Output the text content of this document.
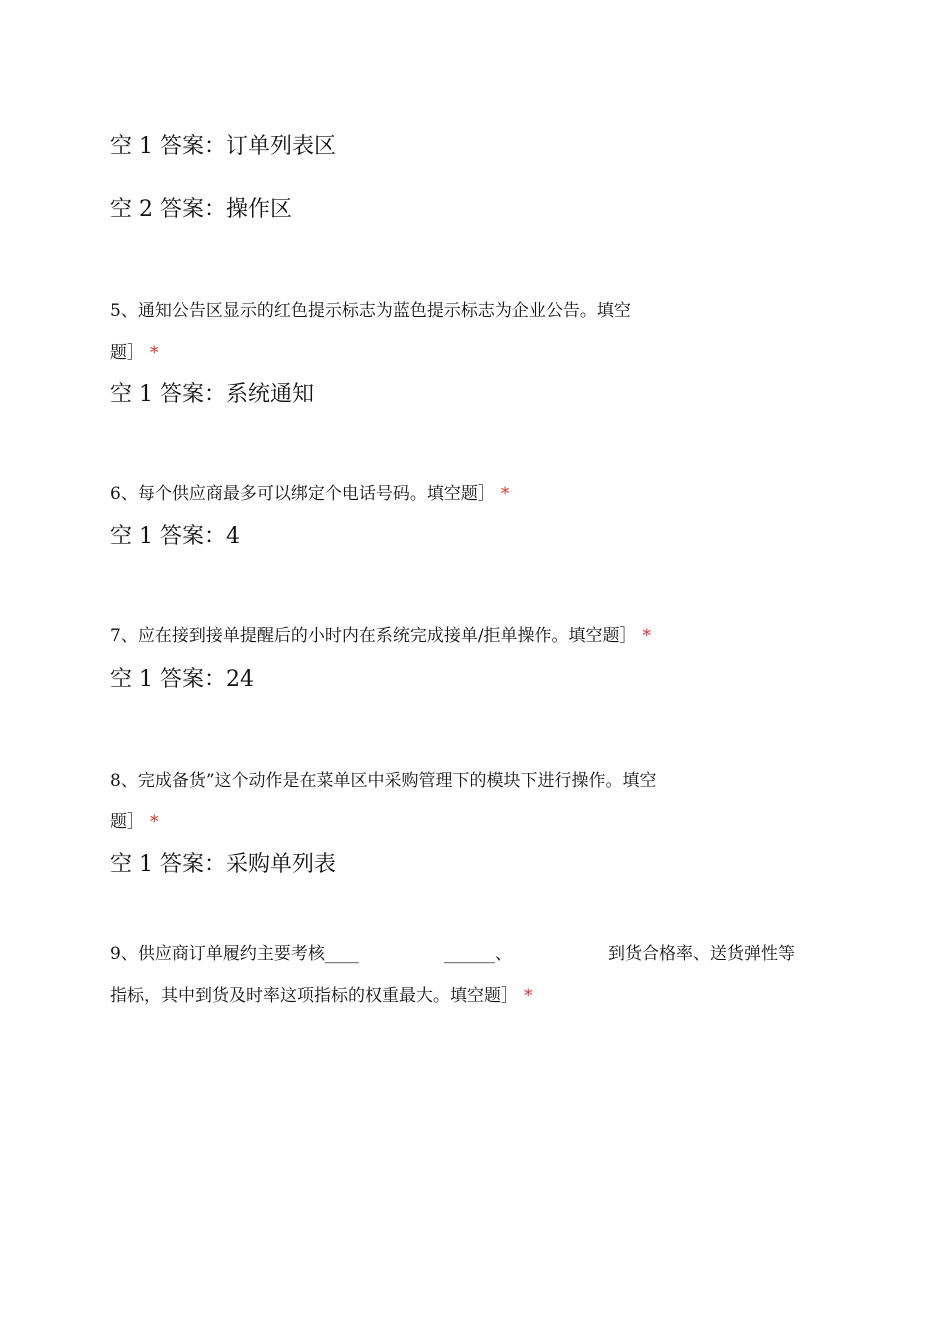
空 1 答案：订单列表区
空 2 答案：操作区
5、通知公告区显示的红色提示标志为蓝色提示标志为企业公告。填空
题］ *
空 1 答案：系统通知
6、每个供应商最多可以绑定个电话号码。填空题］ *
空 1 答案：4
7、应在接到接单提醒后的小时内在系统完成接单/拒单操作。填空题］ *
空 1 答案：24
8、完成备货”这个动作是在菜单区中采购管理下的模块下进行操作。填空
题］ *
空 1 答案：采购单列表
9、供应商订单履约主要考核____	______、	到货合格率、送货弹性等
指标，其中到货及时率这项指标的权重最大。填空题］ *
